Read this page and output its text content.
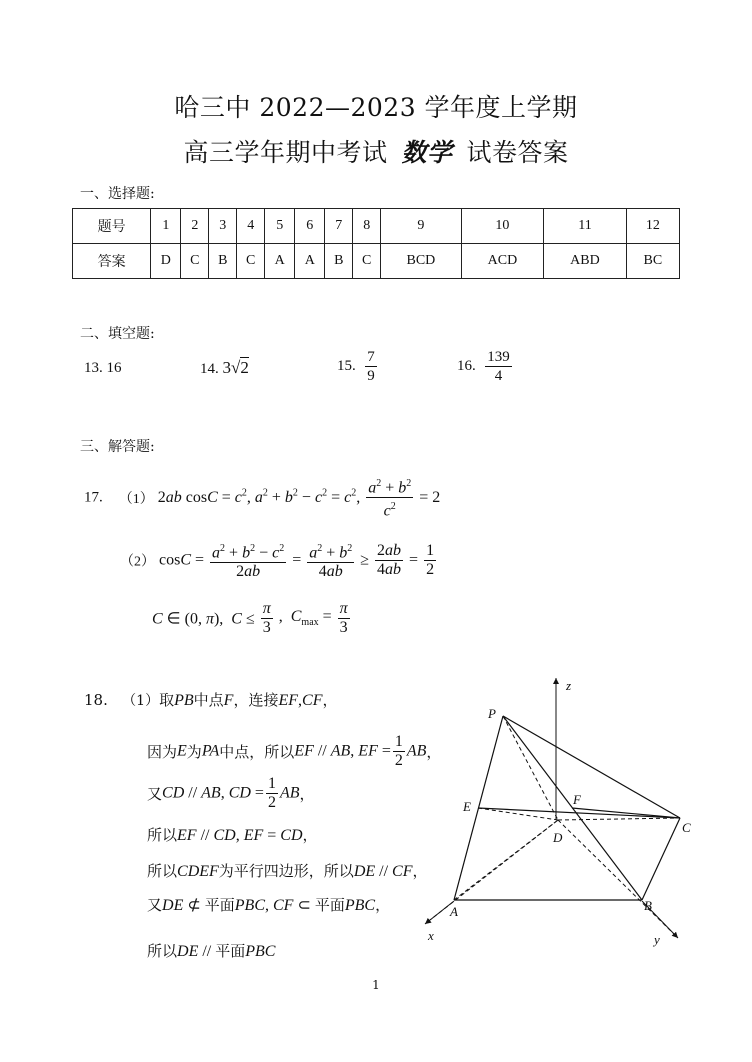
哈三中 2022—2023 学年度上学期
高三学年期中考试 数学 试卷答案
一、选择题:
题号	1	2	3	4	5	6	7	8	9	10	11	12
答案	D	C	B	C	A	A	B	C	BCD	ACD	ABD	BC
二、填空题:
13. 16	14. 3√2	15. $\frac{7}{9}$	16. $\frac{139}{4}$
三、解答题:
17. （1） 2ab $\cos C = c^2$, $a^2 + b^2 - c^2 = c^2$, $\frac{a^2 + b^2}{c^2} = 2$
（2） $\cos C = \frac{a^2 + b^2 - c^2}{2ab} = \frac{a^2 + b^2}{4ab} \ge \frac{2ab}{4ab} = \frac{1}{2}$
C ∈ (0, π),  $C \le \frac{\pi}{3}$ ,  $C_{max} = \frac{\pi}{3}$
18. （1）取PB中点F，连接EF,CF，
因为E为PA中点，所以EF // AB, EF = $\frac{1}{2}$ AB，
又CD // AB, CD = $\frac{1}{2}$ AB，
所以EF // CD, EF = CD，
所以CDEF为平行四边形，所以DE // CF，
又DE ⊄ 平面PBC, CF ⊂ 平面PBC，
所以DE // 平面PBC
P
z
E	F
C
D
A	B
x	y
1
